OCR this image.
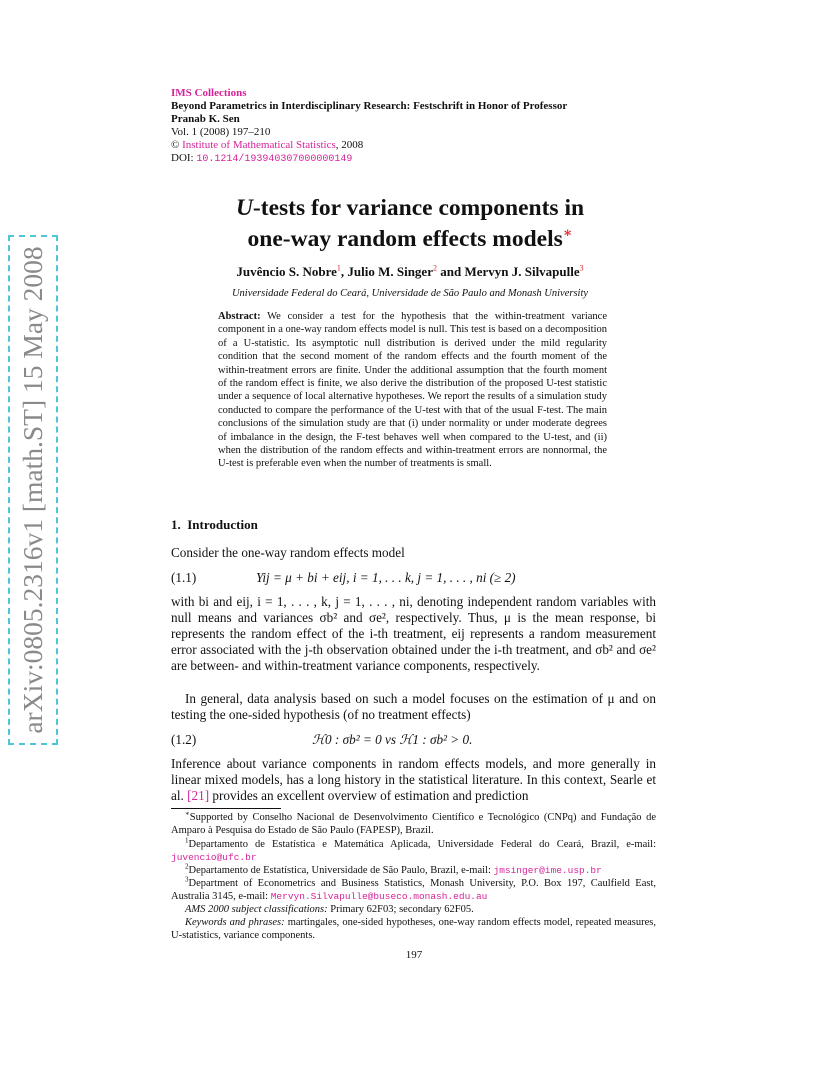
arXiv:0805.2316v1 [math.ST] 15 May 2008
IMS Collections
Beyond Parametrics in Interdisciplinary Research: Festschrift in Honor of Professor
Pranab K. Sen
Vol. 1 (2008) 197–210
© Institute of Mathematical Statistics, 2008
DOI: 10.1214/193940307000000149
U-tests for variance components in
one-way random effects models∗
Juvêncio S. Nobre$^1$, Julio M. Singer$^2$ and Mervyn J. Silvapulle$^3$
Universidade Federal do Ceará, Universidade de São Paulo and Monash University
Abstract: We consider a test for the hypothesis that the within-treatment variance component in a one-way random effects model is null. This test is based on a decomposition of a U-statistic. Its asymptotic null distribution is derived under the mild regularity condition that the second moment of the random effects and the fourth moment of the within-treatment errors are finite. Under the additional assumption that the fourth moment of the random effect is finite, we also derive the distribution of the proposed U-test statistic under a sequence of local alternative hypotheses. We report the results of a simulation study conducted to compare the performance of the U-test with that of the usual F-test. The main conclusions of the simulation study are that (i) under normality or under moderate degrees of imbalance in the design, the F-test behaves well when compared to the U-test, and (ii) when the distribution of the random effects and within-treatment errors are nonnormal, the U-test is preferable even when the number of treatments is small.
1. Introduction
Consider the one-way random effects model
(1.1)	Yij = μ + bi + eij, i = 1, . . . k, j = 1, . . . , ni (≥ 2)
with bi and eij, i = 1, . . . , k, j = 1, . . . , ni, denoting independent random variables with null means and variances σb² and σe², respectively. Thus, μ is the mean response, bi represents the random effect of the i-th treatment, eij represents a random measurement error associated with the j-th observation obtained under the i-th treatment, and σb² and σe² are between- and within-treatment variance components, respectively.
In general, data analysis based on such a model focuses on the estimation of μ and on testing the one-sided hypothesis (of no treatment effects)
(1.2)	ℋ0 : σb² = 0 vs ℋ1 : σb² > 0.
Inference about variance components in random effects models, and more generally in linear mixed models, has a long history in the statistical literature. In this context, Searle et al. [21] provides an excellent overview of estimation and prediction
∗Supported by Conselho Nacional de Desenvolvimento Científico e Tecnológico (CNPq) and Fundação de Amparo à Pesquisa do Estado de São Paulo (FAPESP), Brazil.
$^1$Departamento de Estatística e Matemática Aplicada, Universidade Federal do Ceará, Brazil, e-mail: juvencio@ufc.br
$^2$Departamento de Estatística, Universidade de São Paulo, Brazil, e-mail: jmsinger@ime.usp.br
$^3$Department of Econometrics and Business Statistics, Monash University, P.O. Box 197, Caulfield East, Australia 3145, e-mail: Mervyn.Silvapulle@buseco.monash.edu.au
AMS 2000 subject classifications: Primary 62F03; secondary 62F05.
Keywords and phrases: martingales, one-sided hypotheses, one-way random effects model, repeated measures, U-statistics, variance components.
197
